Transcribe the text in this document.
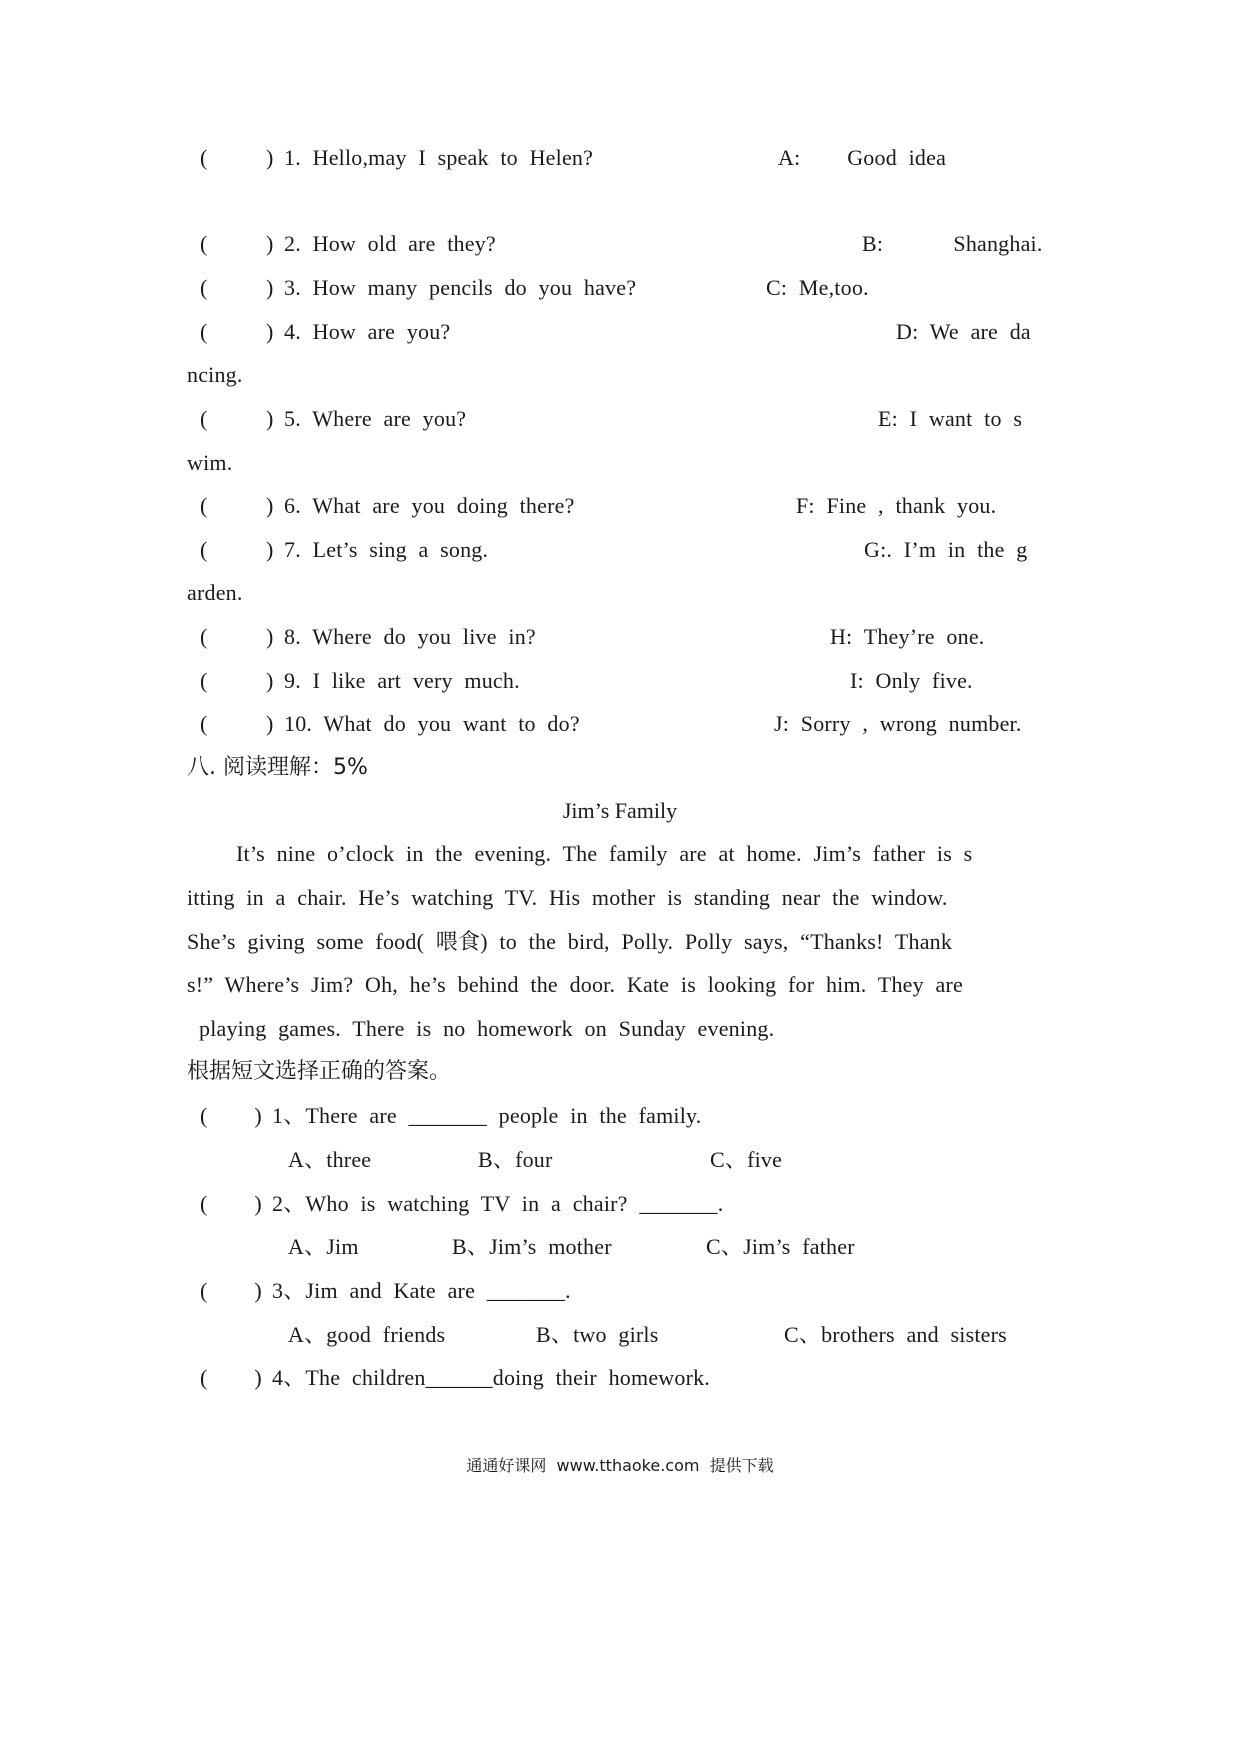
(     ) 1. Hello,may I speak to Helen?	A:    Good idea
(     ) 2. How old are they?	B:      Shanghai.
(     ) 3. How many pencils do you have?	C: Me,too.
(     ) 4. How are you?	D: We are da
ncing.
(     ) 5. Where are you?	E: I want to s
wim.
(     ) 6. What are you doing there?	F: Fine , thank you.
(     ) 7. Let’s sing a song.	G:. I’m in the g
arden.
(     ) 8. Where do you live in?	H: They’re one.
(     ) 9. I like art very much.	I: Only five.
(     ) 10. What do you want to do?	J: Sorry , wrong number.
八. 阅读理解：5%
Jim’s Family
It’s nine o’clock in the evening. The family are at home. Jim’s father is s
itting in a chair. He’s watching TV. His mother is standing near the window.
She’s giving some food( 喂食) to the bird, Polly. Polly says, “Thanks! Thank
s!” Where’s Jim? Oh, he’s behind the door. Kate is looking for him. They are
playing games. There is no homework on Sunday evening.
根据短文选择正确的答案。
(    ) 1、There are _______ people in the family.
A、three	B、four	C、five
(    ) 2、Who is watching TV in a chair? _______.
A、Jim	B、Jim’s mother	C、Jim’s father
(    ) 3、Jim and Kate are _______.
A、good friends	B、two girls	C、brothers and sisters
(    ) 4、The children______doing their homework.
通通好课网  www.tthaoke.com  提供下载
